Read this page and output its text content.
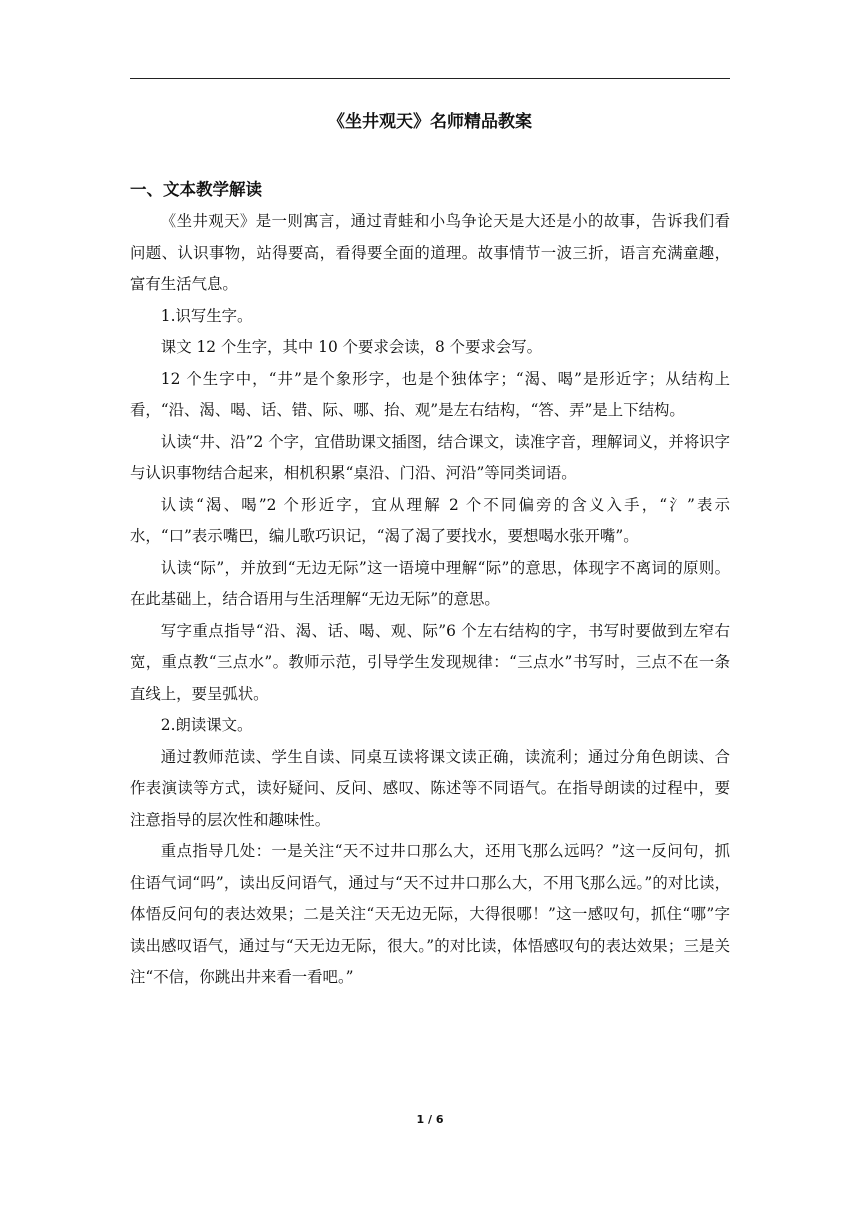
《坐井观天》名师精品教案
一、文本教学解读

《坐井观天》是一则寓言，通过青蛙和小鸟争论天是大还是小的故事，告诉我们看问题、认识事物，站得要高，看得要全面的道理。故事情节一波三折，语言充满童趣，富有生活气息。

1.识写生字。

课文 12 个生字，其中 10 个要求会读，8 个要求会写。

12 个生字中，“井”是个象形字，也是个独体字；“渴、喝”是形近字；从结构上看，“沿、渴、喝、话、错、际、哪、抬、观”是左右结构，“答、弄”是上下结构。

认读“井、沿”2 个字，宜借助课文插图，结合课文，读准字音，理解词义，并将识字与认识事物结合起来，相机积累“桌沿、门沿、河沿”等同类词语。

认读“渴、喝”2 个形近字，宜从理解 2 个不同偏旁的含义入手，“氵”表示水，“口”表示嘴巴，编儿歌巧识记，“渴了渴了要找水，要想喝水张开嘴”。

认读“际”，并放到“无边无际”这一语境中理解“际”的意思，体现字不离词的原则。在此基础上，结合语用与生活理解“无边无际”的意思。

写字重点指导“沿、渴、话、喝、观、际”6 个左右结构的字，书写时要做到左窄右宽，重点教“三点水”。教师示范，引导学生发现规律：“三点水”书写时，三点不在一条直线上，要呈弧状。

2.朗读课文。

通过教师范读、学生自读、同桌互读将课文读正确，读流利；通过分角色朗读、合作表演读等方式，读好疑问、反问、感叹、陈述等不同语气。在指导朗读的过程中，要注意指导的层次性和趣味性。

重点指导几处：一是关注“天不过井口那么大，还用飞那么远吗？”这一反问句，抓住语气词“吗”，读出反问语气，通过与“天不过井口那么大，不用飞那么远。”的对比读，体悟反问句的表达效果；二是关注“天无边无际，大得很哪！”这一感叹句，抓住“哪”字读出感叹语气，通过与“天无边无际，很大。”的对比读，体悟感叹句的表达效果；三是关注“不信，你跳出井来看一看吧。”

1 / 6
